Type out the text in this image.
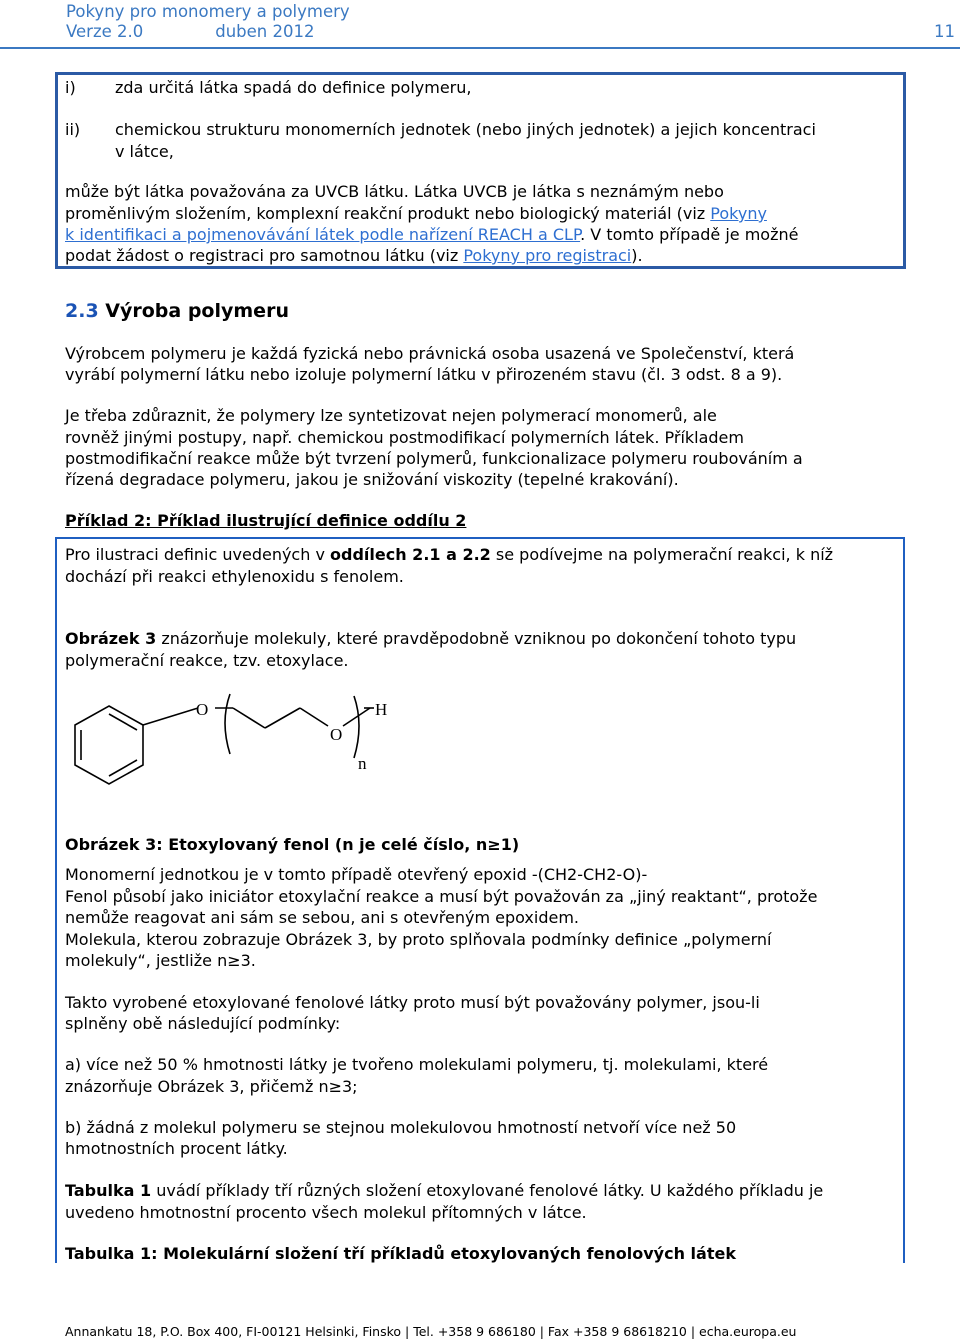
Pokyny pro monomery a polymery
Verze 2.0	duben 2012	11
i) zda určitá látka spadá do definice polymeru,
ii) chemickou strukturu monomerních jednotek (nebo jiných jednotek) a jejich koncentraci
v látce,
může být látka považována za UVCB látku. Látka UVCB je látka s neznámým nebo
proměnlivým složením, komplexní reakční produkt nebo biologický materiál (viz Pokyny
k identifikaci a pojmenovávání látek podle nařízení REACH a CLP. V tomto případě je možné
podat žádost o registraci pro samotnou látku (viz Pokyny pro registraci).
2.3 Výroba polymeru
Výrobcem polymeru je každá fyzická nebo právnická osoba usazená ve Společenství, která
vyrábí polymerní látku nebo izoluje polymerní látku v přirozeném stavu (čl. 3 odst. 8 a 9).
Je třeba zdůraznit, že polymery lze syntetizovat nejen polymerací monomerů, ale
rovněž jinými postupy, např. chemickou postmodifikací polymerních látek. Příkladem
postmodifikační reakce může být tvrzení polymerů, funkcionalizace polymeru roubováním a
řízená degradace polymeru, jakou je snižování viskozity (tepelné krakování).
Příklad 2: Příklad ilustrující definice oddílu 2
Pro ilustraci definic uvedených v oddílech 2.1 a 2.2 se podívejme na polymerační reakci, k níž
dochází při reakci ethylenoxidu s fenolem.
Obrázek 3 znázorňuje molekuly, které pravděpodobně vzniknou po dokončení tohoto typu
polymerační reakce, tzv. etoxylace.
O
O
H
n
Obrázek 3: Etoxylovaný fenol (n je celé číslo, n≥1)
Monomerní jednotkou je v tomto případě otevřený epoxid -(CH2-CH2-O)-
Fenol působí jako iniciátor etoxylační reakce a musí být považován za „jiný reaktant“, protože
nemůže reagovat ani sám se sebou, ani s otevřeným epoxidem.
Molekula, kterou zobrazuje Obrázek 3, by proto splňovala podmínky definice „polymerní
molekuly“, jestliže n≥3.
Takto vyrobené etoxylované fenolové látky proto musí být považovány polymer, jsou-li
splněny obě následující podmínky:
a) více než 50 % hmotnosti látky je tvořeno molekulami polymeru, tj. molekulami, které
znázorňuje Obrázek 3, přičemž n≥3;
b) žádná z molekul polymeru se stejnou molekulovou hmotností netvoří více než 50
hmotnostních procent látky.
Tabulka 1 uvádí příklady tří různých složení etoxylované fenolové látky. U každého příkladu je
uvedeno hmotnostní procento všech molekul přítomných v látce.
Tabulka 1: Molekulární složení tří příkladů etoxylovaných fenolových látek
Annankatu 18, P.O. Box 400, FI-00121 Helsinki, Finsko | Tel. +358 9 686180 | Fax +358 9 68618210 | echa.europa.eu
